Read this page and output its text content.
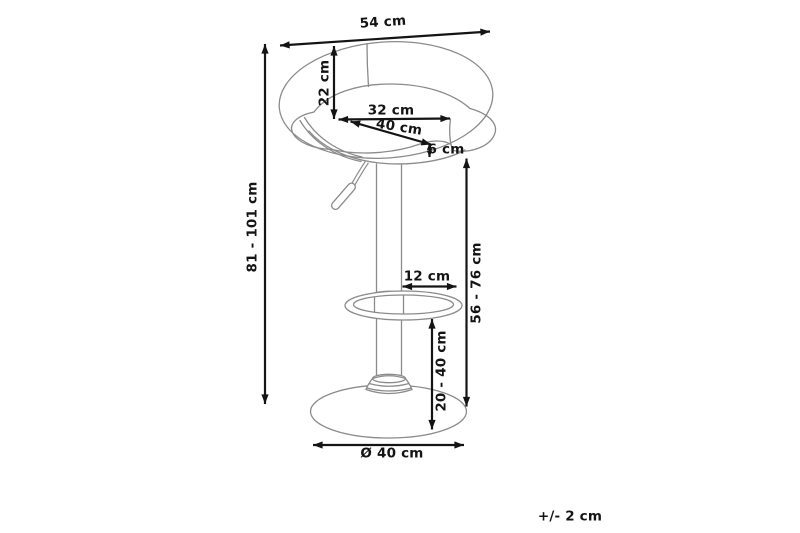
54 cm
22 cm
32 cm
40 cm
6 cm
81 - 101 cm
56 - 76 cm
12 cm
20 - 40 cm
Ø 40 cm
+/- 2 cm
